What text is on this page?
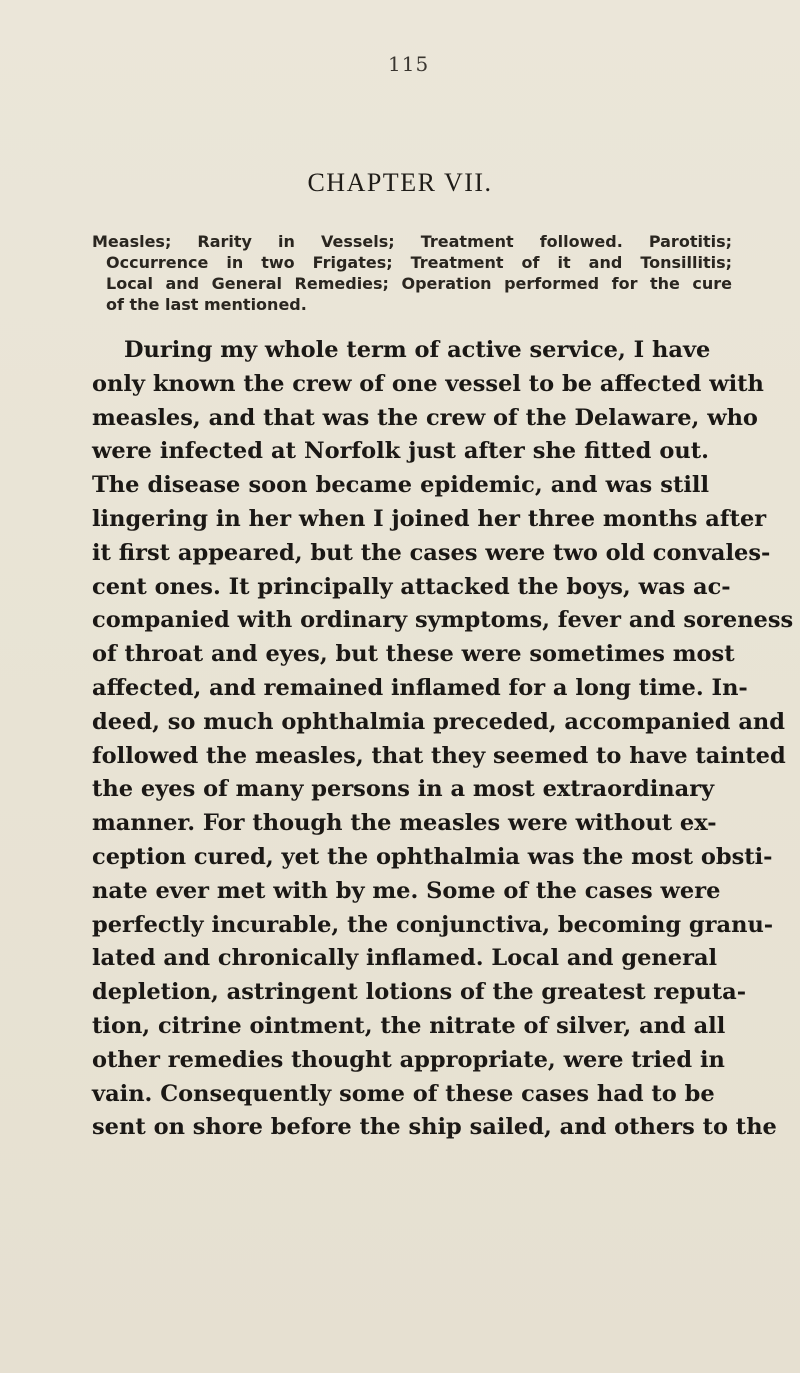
115
CHAPTER VII.
Measles; Rarity in Vessels; Treatment followed. Parotitis;
Occurrence in two Frigates; Treatment of it and Tonsillitis;
Local and General Remedies; Operation performed for the cure
of the last mentioned.
During my whole term of active service, I have
only known the crew of one vessel to be affected with
measles, and that was the crew of the Delaware, who
were infected at Norfolk just after she fitted out.
The disease soon became epidemic, and was still
lingering in her when I joined her three months after
it first appeared, but the cases were two old convales-
cent ones. It principally attacked the boys, was ac-
companied with ordinary symptoms, fever and soreness
of throat and eyes, but these were sometimes most
affected, and remained inflamed for a long time. In-
deed, so much ophthalmia preceded, accompanied and
followed the measles, that they seemed to have tainted
the eyes of many persons in a most extraordinary
manner. For though the measles were without ex-
ception cured, yet the ophthalmia was the most obsti-
nate ever met with by me. Some of the cases were
perfectly incurable, the conjunctiva, becoming granu-
lated and chronically inflamed. Local and general
depletion, astringent lotions of the greatest reputa-
tion, citrine ointment, the nitrate of silver, and all
other remedies thought appropriate, were tried in
vain. Consequently some of these cases had to be
sent on shore before the ship sailed, and others to the
